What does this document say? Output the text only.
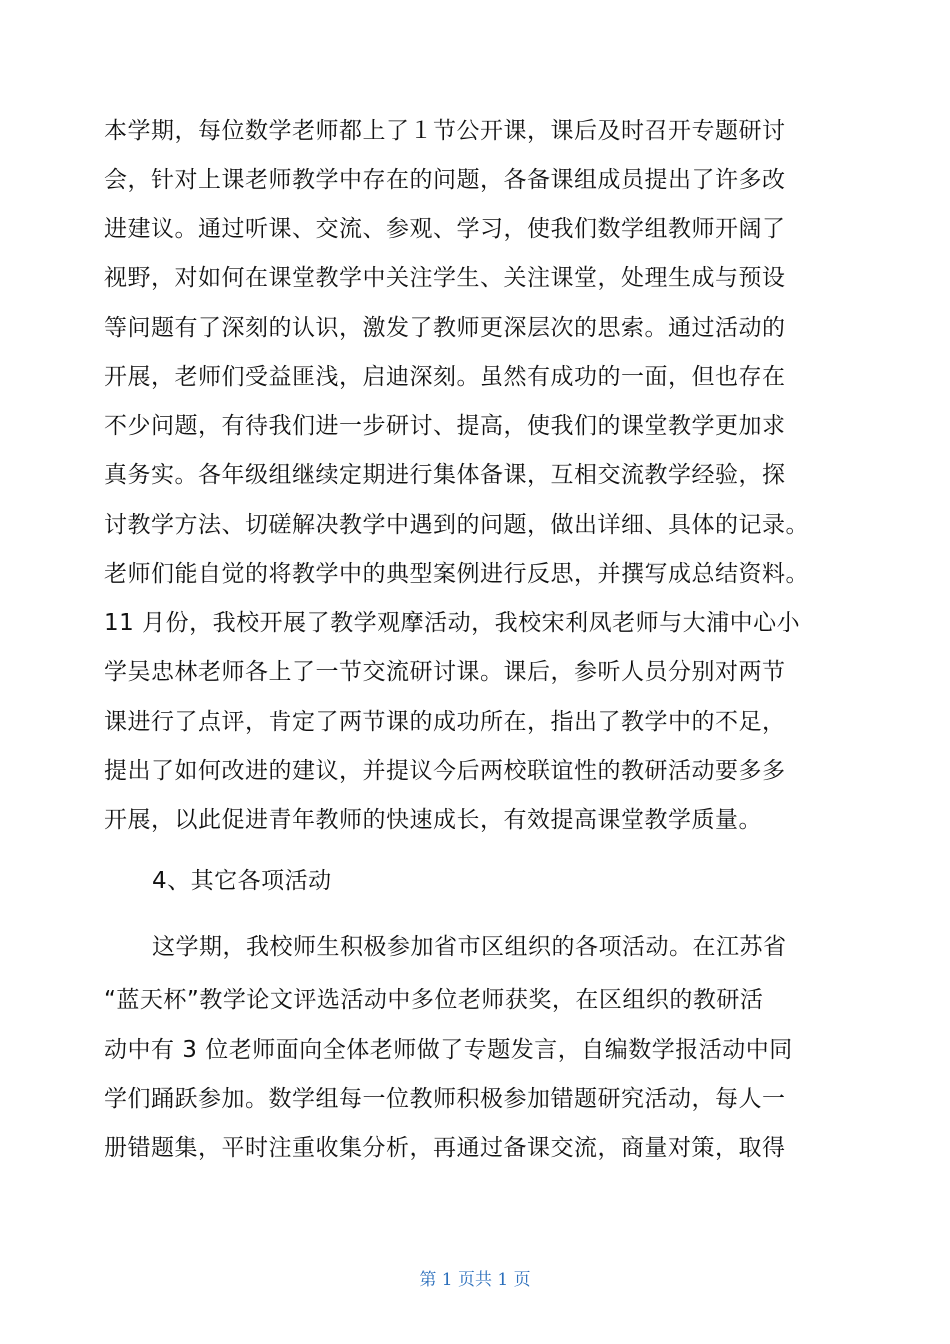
本学期，每位数学老师都上了１节公开课，课后及时召开专题研讨
会，针对上课老师教学中存在的问题，各备课组成员提出了许多改
进建议。通过听课、交流、参观、学习，使我们数学组教师开阔了
视野，对如何在课堂教学中关注学生、关注课堂，处理生成与预设
等问题有了深刻的认识，激发了教师更深层次的思索。通过活动的
开展，老师们受益匪浅，启迪深刻。虽然有成功的一面，但也存在
不少问题，有待我们进一步研讨、提高，使我们的课堂教学更加求
真务实。各年级组继续定期进行集体备课，互相交流教学经验，探
讨教学方法、切磋解决教学中遇到的问题，做出详细、具体的记录。
老师们能自觉的将教学中的典型案例进行反思，并撰写成总结资料。
11 月份，我校开展了教学观摩活动，我校宋利凤老师与大浦中心小
学吴忠林老师各上了一节交流研讨课。课后，参听人员分别对两节
课进行了点评，肯定了两节课的成功所在，指出了教学中的不足，
提出了如何改进的建议，并提议今后两校联谊性的教研活动要多多
开展，以此促进青年教师的快速成长，有效提高课堂教学质量。
4、其它各项活动
这学期，我校师生积极参加省市区组织的各项活动。在江苏省
“蓝天杯”教学论文评选活动中多位老师获奖，在区组织的教研活
动中有 3 位老师面向全体老师做了专题发言，自编数学报活动中同
学们踊跃参加。数学组每一位教师积极参加错题研究活动，每人一
册错题集，平时注重收集分析，再通过备课交流，商量对策，取得
第 1 页共 1 页
